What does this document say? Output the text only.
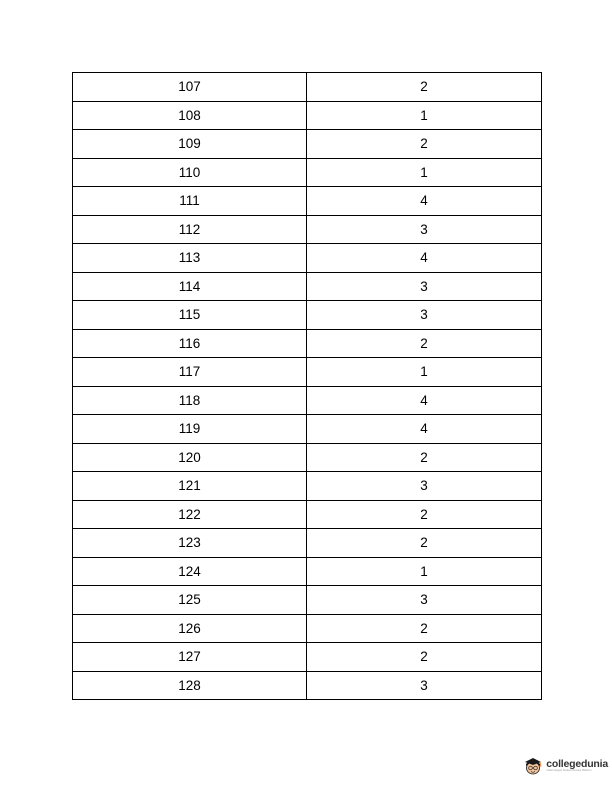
107	2
108	1
109	2
110	1
111	4
112	3
113	4
114	3
115	3
116	2
117	1
118	4
119	4
120	2
121	3
122	2
123	2
124	1
125	3
126	2
127	2
128	3
collegedunia
India's largest Student Review Platform
